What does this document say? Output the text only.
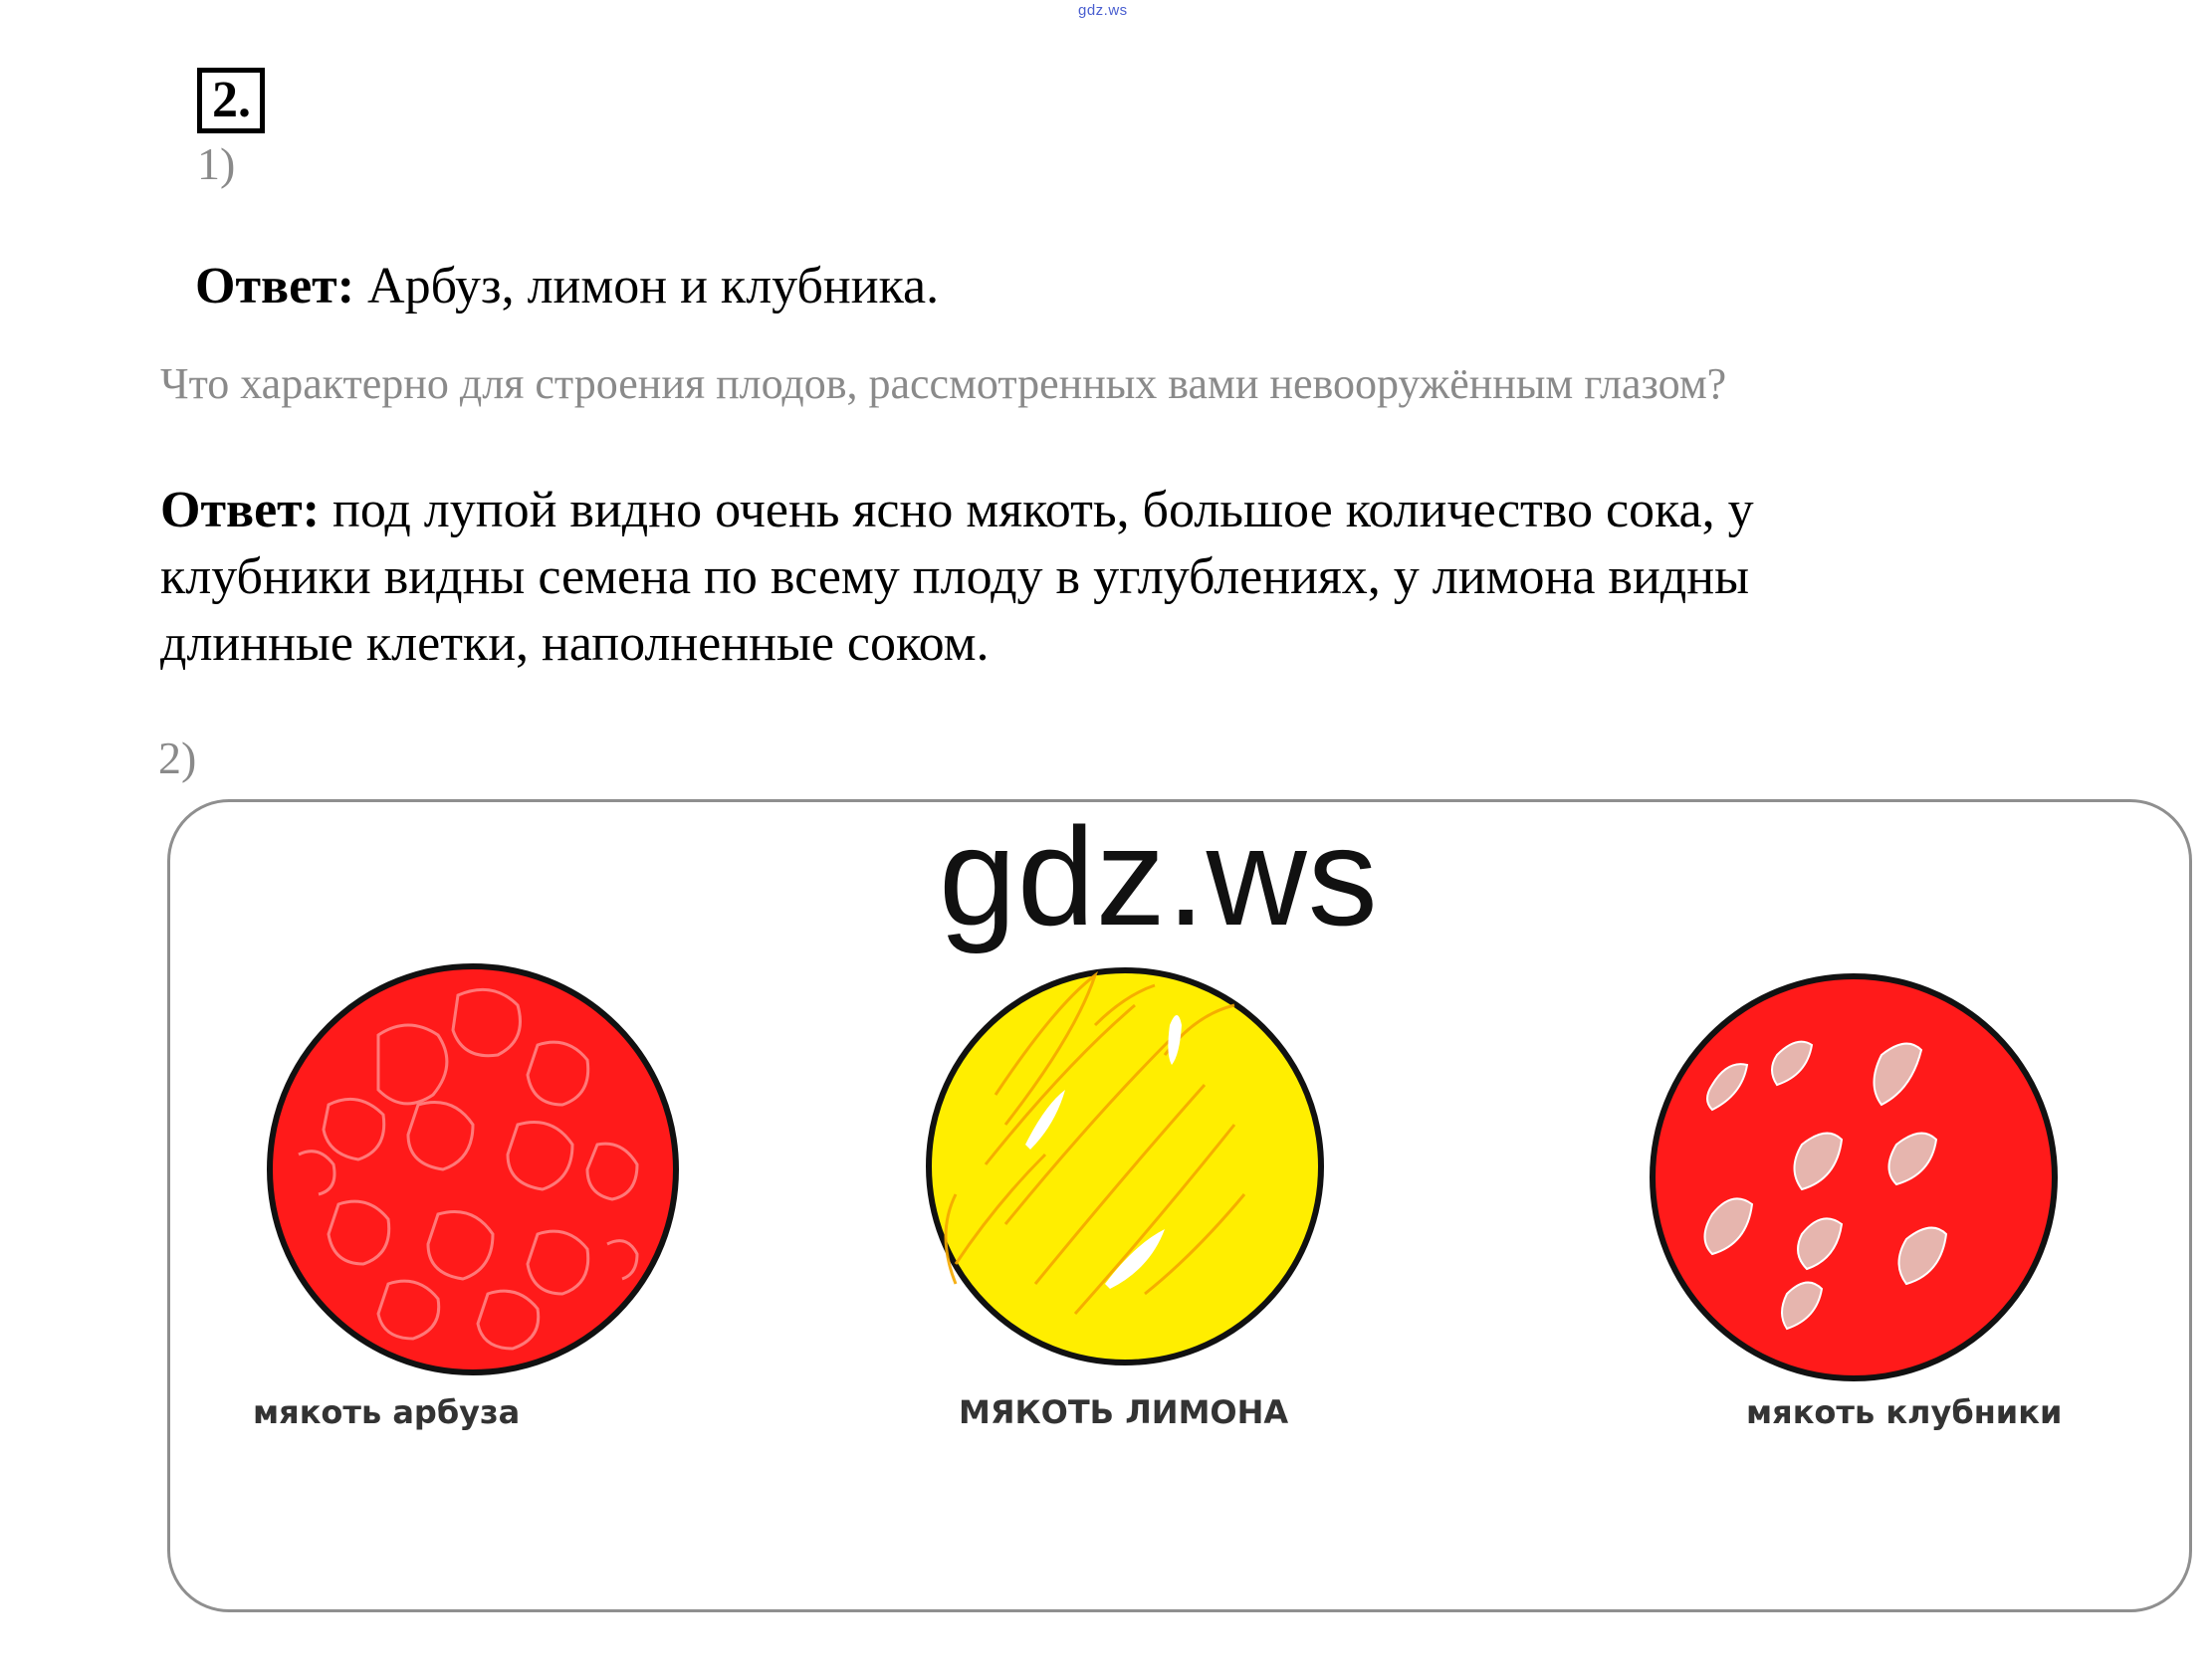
gdz.ws
2.
1)
Ответ: Арбуз, лимон и клубника.
Что характерно для строения плодов, рассмотренных вами невооружённым глазом?
Ответ: под лупой видно очень ясно мякоть, большое количество сока, у
клубники видны семена по всему плоду в углублениях, у лимона видны
длинные клетки, наполненные соком.
2)
gdz.ws
мякоть арбуза	МЯКОТЬ ЛИМОНА	мякоть клубники
